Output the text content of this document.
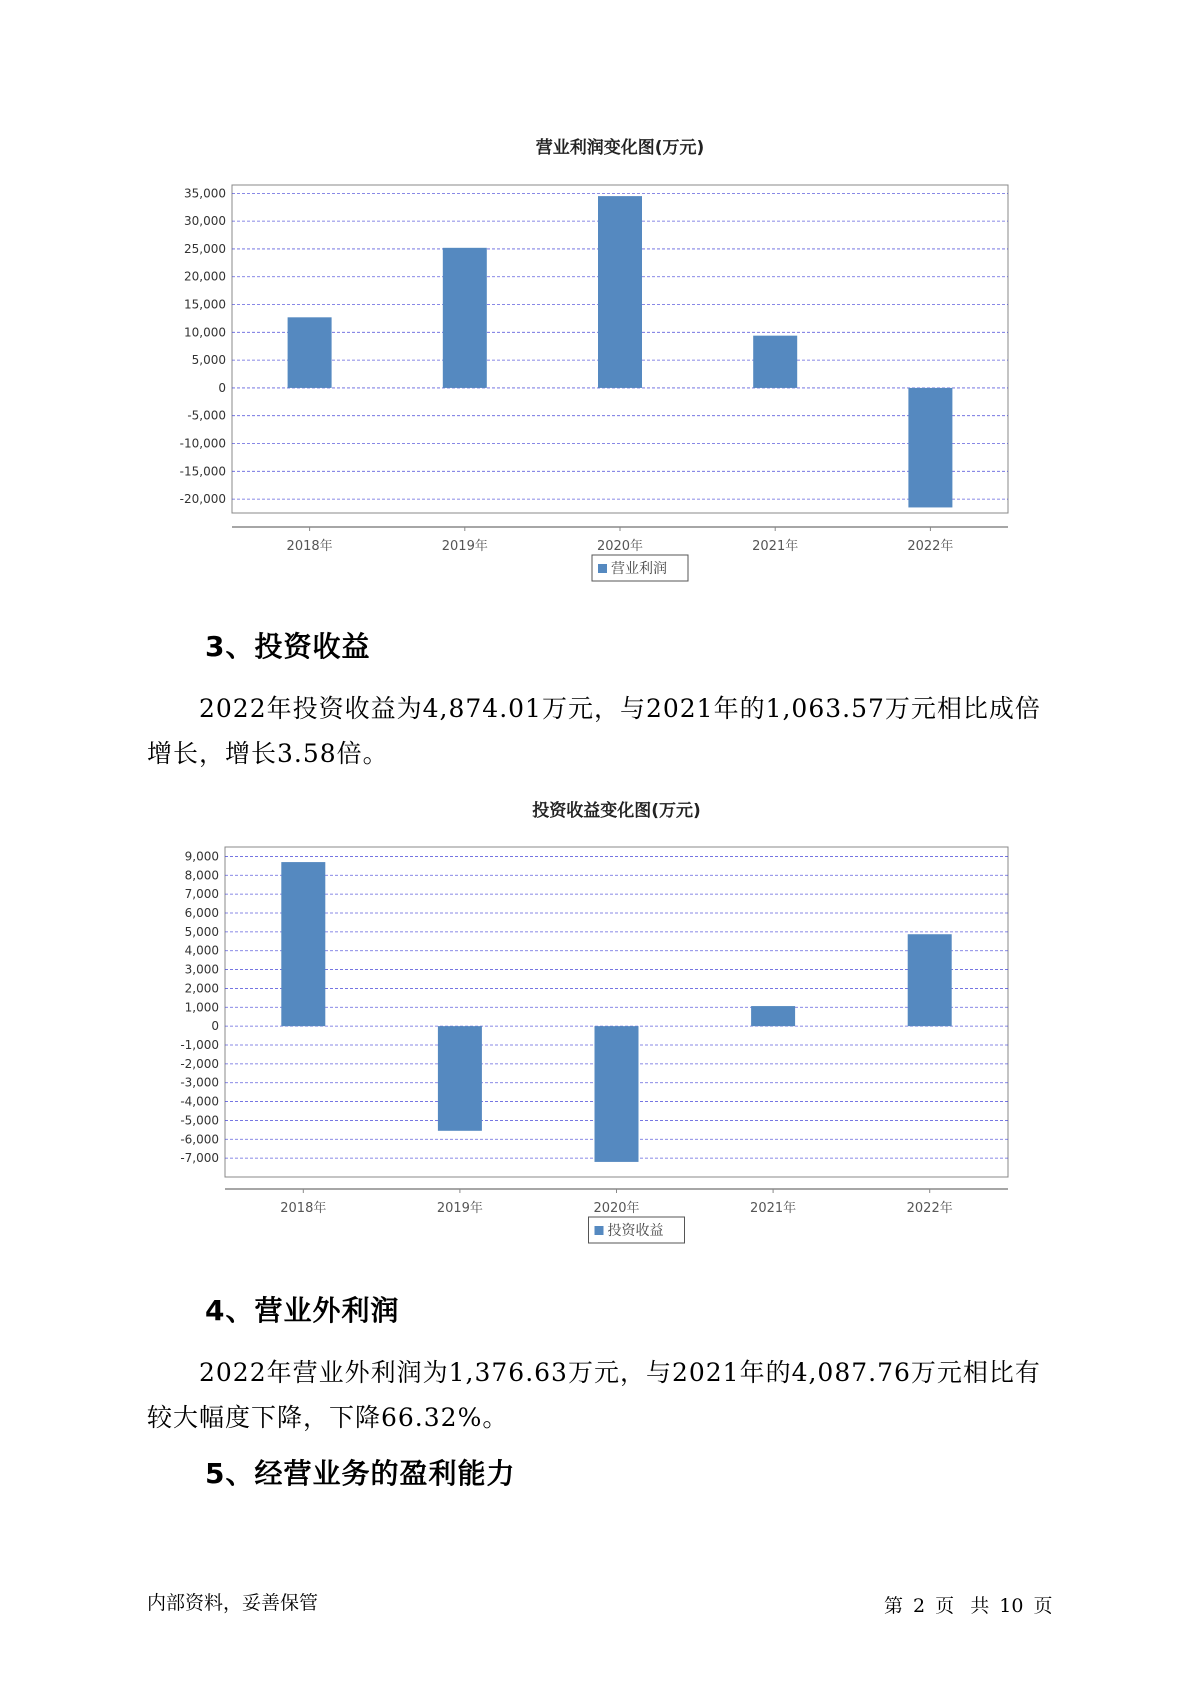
营业利润变化图(万元)
35,000
30,000
25,000
20,000
15,000
10,000
5,000
0
-5,000
-10,000
-15,000
-20,000
2018年	2019年	2020年	2021年	2022年
营业利润
3、投资收益
2022年投资收益为4,874.01万元，与2021年的1,063.57万元相比成倍增长，增长3.58倍。
投资收益变化图(万元)
9,000
8,000
7,000
6,000
5,000
4,000
3,000
2,000
1,000
0
-1,000
-2,000
-3,000
-4,000
-5,000
-6,000
-7,000
2018年	2019年	2020年	2021年	2022年
投资收益
4、营业外利润
2022年营业外利润为1,376.63万元，与2021年的4,087.76万元相比有较大幅度下降，下降66.32%。
5、经营业务的盈利能力
内部资料，妥善保管	第 2 页 共 10 页
